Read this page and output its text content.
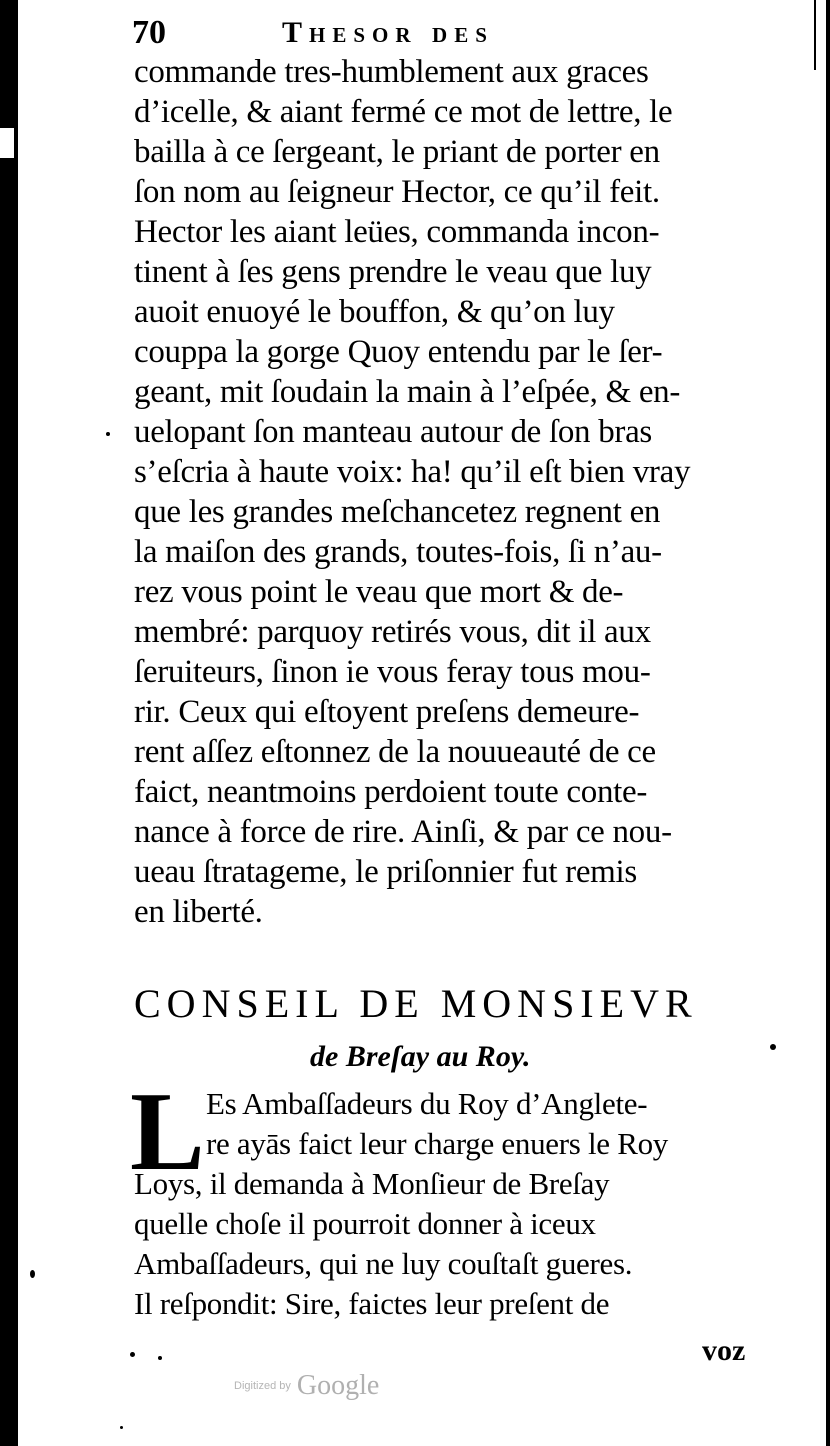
70	Thesor des
commande tres-humblement aux graces
d’icelle, & aiant fermé ce mot de lettre, le
bailla à ce ſergeant, le priant de porter en
ſon nom au ſeigneur Hector, ce qu’il feit.
Hector les aiant leües, commanda incon-
tinent à ſes gens prendre le veau que luy
auoit enuoyé le bouffon, & qu’on luy
couppa la gorge Quoy entendu par le ſer-
geant, mit ſoudain la main à l’eſpée, & en-
uelopant ſon manteau autour de ſon bras
s’eſcria à haute voix: ha! qu’il eſt bien vray
que les grandes meſchancetez regnent en
la maiſon des grands, toutes-fois, ſi n’au-
rez vous point le veau que mort & de-
membré: parquoy retirés vous, dit il aux
ſeruiteurs, ſinon ie vous feray tous mou-
rir. Ceux qui eſtoyent preſens demeure-
rent aſſez eſtonnez de la nouueauté de ce
faict, neantmoins perdoient toute conte-
nance à force de rire. Ainſi, & par ce nou-
ueau ſtratageme, le priſonnier fut remis
en liberté.
CONSEIL DE MONSIEVR
de Breſay au Roy.
L Es Ambaſſadeurs du Roy d’Anglete-
re ayās faict leur charge enuers le Roy
Loys, il demanda à Monſieur de Breſay
quelle choſe il pourroit donner à iceux
Ambaſſadeurs, qui ne luy couſtaſt gueres.
Il reſpondit: Sire, faictes leur preſent de
voz
Digitized by Google
